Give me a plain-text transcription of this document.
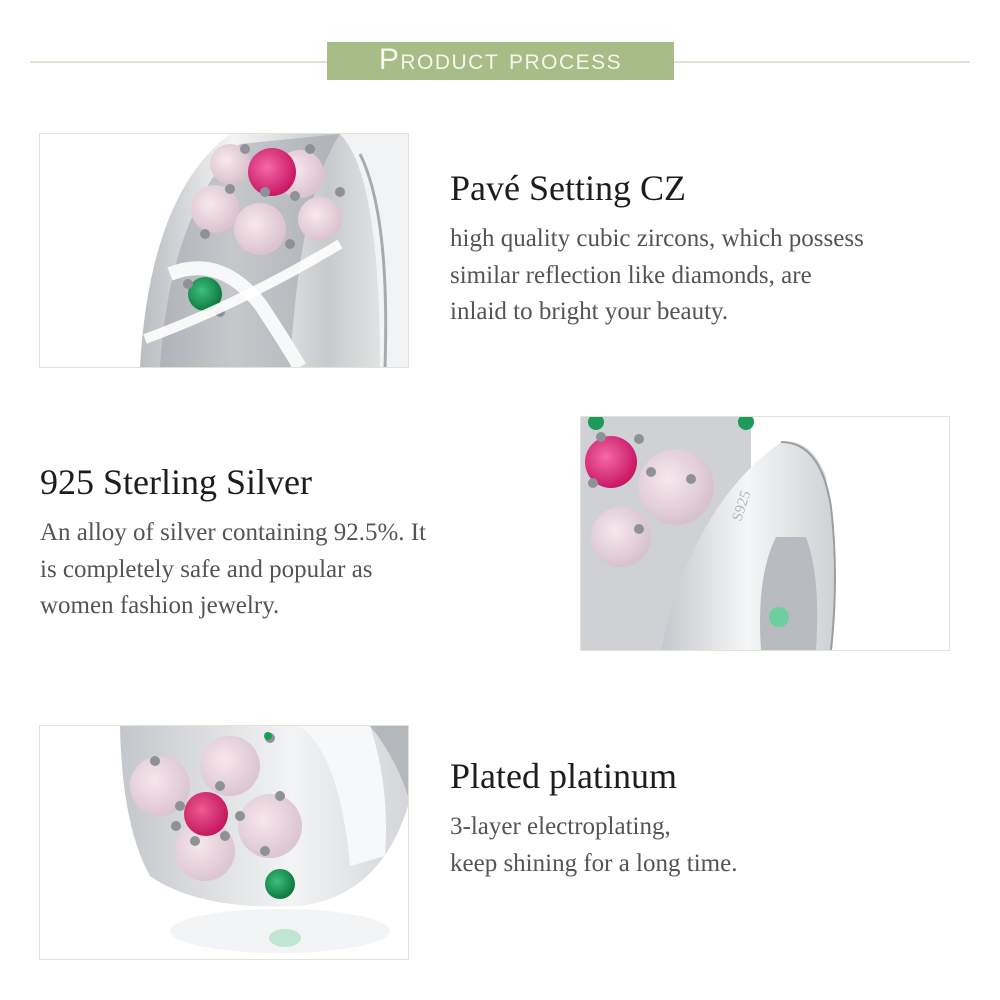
Product process
Pavé Setting CZ
high quality cubic zircons, which possess
similar reflection like diamonds, are
inlaid to bright your beauty.
925 Sterling Silver
An alloy of silver containing 92.5%. It
is completely safe and popular as
women fashion jewelry.
S925
Plated platinum
3-layer electroplating,
keep shining for a long time.
